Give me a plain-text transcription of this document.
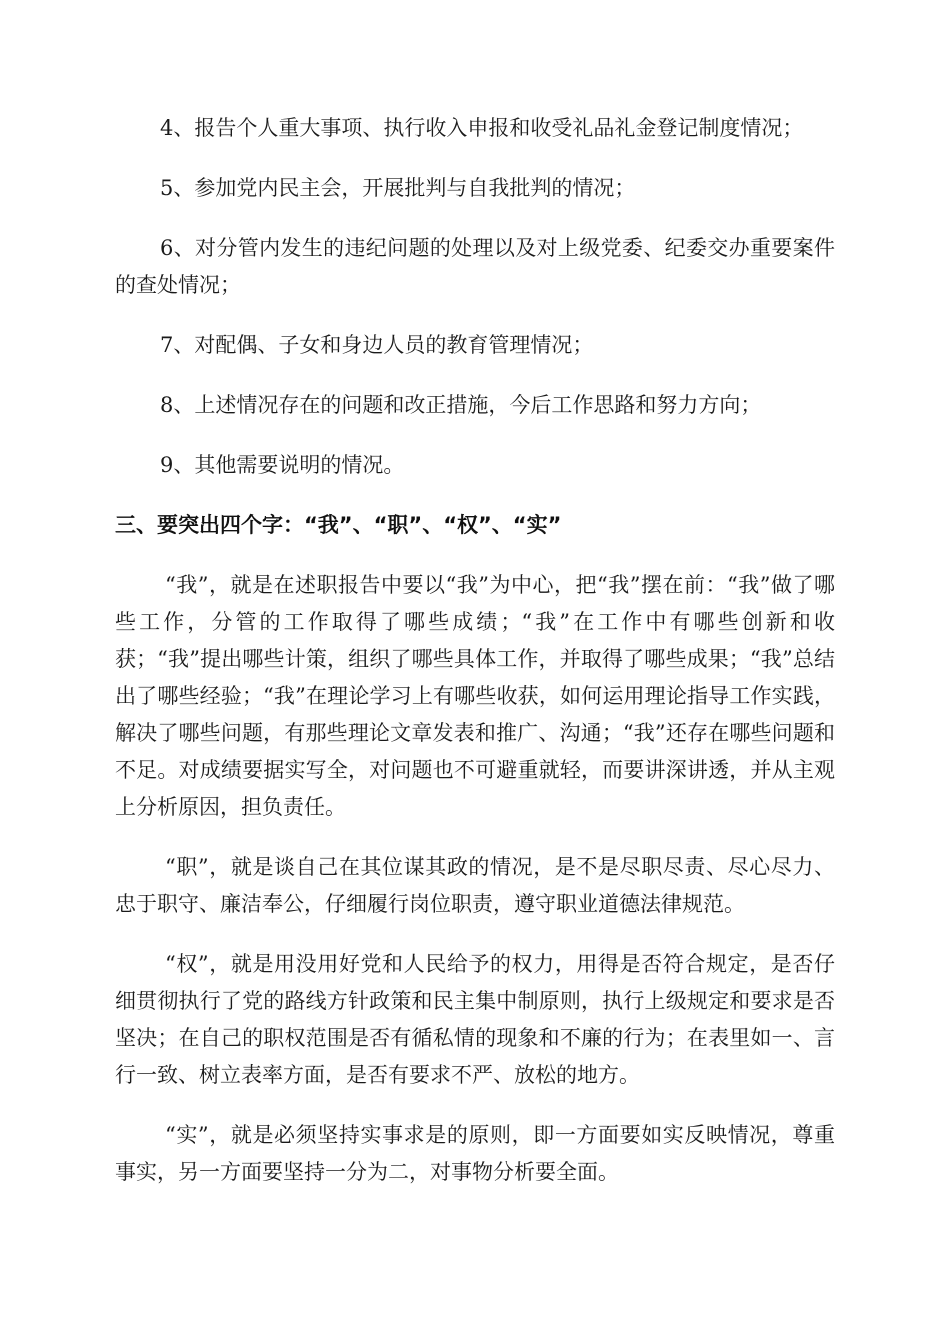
4、报告个人重大事项、执行收入申报和收受礼品礼金登记制度情况；

5、参加党内民主会，开展批判与自我批判的情况；

6、对分管内发生的违纪问题的处理以及对上级党委、纪委交办重要案件的查处情况；

7、对配偶、子女和身边人员的教育管理情况；

8、上述情况存在的问题和改正措施，今后工作思路和努力方向；

9、其他需要说明的情况。

三、要突出四个字：“我”、“职”、“权”、“实”

“我”，就是在述职报告中要以“我”为中心，把“我”摆在前：“我”做了哪些工作，分管的工作取得了哪些成绩；“我”在工作中有哪些创新和收获；“我”提出哪些计策，组织了哪些具体工作，并取得了哪些成果；“我”总结出了哪些经验；“我”在理论学习上有哪些收获，如何运用理论指导工作实践，解决了哪些问题，有那些理论文章发表和推广、沟通；“我”还存在哪些问题和不足。对成绩要据实写全，对问题也不可避重就轻，而要讲深讲透，并从主观上分析原因，担负责任。

“职”，就是谈自己在其位谋其政的情况，是不是尽职尽责、尽心尽力、忠于职守、廉洁奉公，仔细履行岗位职责，遵守职业道德法律规范。

“权”，就是用没用好党和人民给予的权力，用得是否符合规定，是否仔细贯彻执行了党的路线方针政策和民主集中制原则，执行上级规定和要求是否坚决；在自己的职权范围是否有循私情的现象和不廉的行为；在表里如一、言行一致、树立表率方面，是否有要求不严、放松的地方。

“实”，就是必须坚持实事求是的原则，即一方面要如实反映情况，尊重事实，另一方面要坚持一分为二，对事物分析要全面。
